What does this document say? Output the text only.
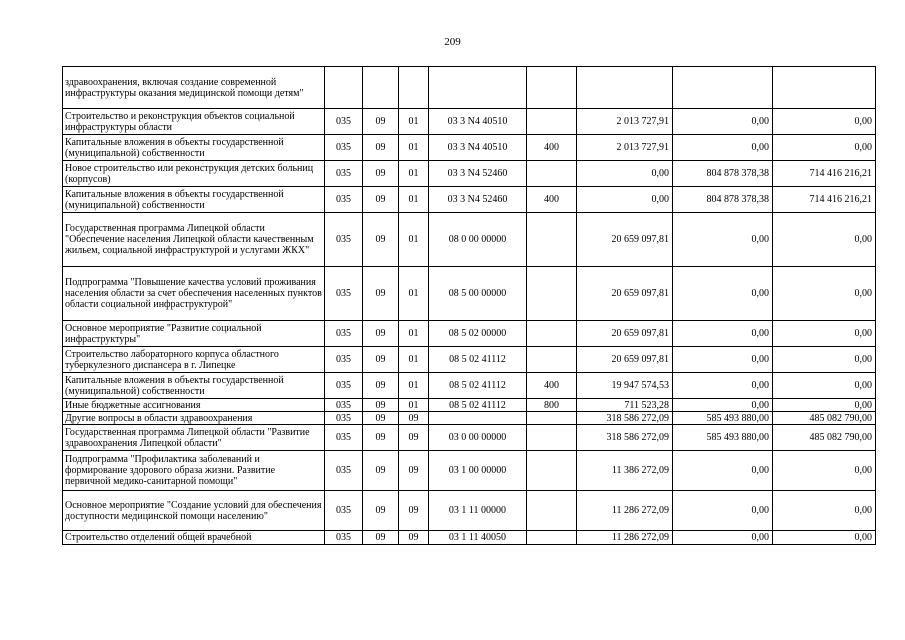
209
здравоохранения, включая создание современной инфраструктуры оказания медицинской помощи детям"								
Строительство и реконструкция объектов социальной инфраструктуры области	035	09	01	03 3 N4 40510		2 013 727,91	0,00	0,00
Капитальные вложения в объекты государственной (муниципальной) собственности	035	09	01	03 3 N4 40510	400	2 013 727,91	0,00	0,00
Новое строительство или реконструкция детских больниц (корпусов)	035	09	01	03 3 N4 52460		0,00	804 878 378,38	714 416 216,21
Капитальные вложения в объекты государственной (муниципальной) собственности	035	09	01	03 3 N4 52460	400	0,00	804 878 378,38	714 416 216,21
Государственная программа Липецкой области "Обеспечение населения Липецкой области качественным жильем, социальной инфраструктурой и услугами ЖКХ"	035	09	01	08 0 00 00000		20 659 097,81	0,00	0,00
Подпрограмма "Повышение качества условий проживания населения области за счет обеспечения населенных пунктов области социальной инфраструктурой"	035	09	01	08 5 00 00000		20 659 097,81	0,00	0,00
Основное мероприятие "Развитие социальной инфраструктуры"	035	09	01	08 5 02 00000		20 659 097,81	0,00	0,00
Строительство лабораторного корпуса областного туберкулезного диспансера в г. Липецке	035	09	01	08 5 02 41112		20 659 097,81	0,00	0,00
Капитальные вложения в объекты государственной (муниципальной) собственности	035	09	01	08 5 02 41112	400	19 947 574,53	0,00	0,00
Иные бюджетные ассигнования	035	09	01	08 5 02 41112	800	711 523,28	0,00	0,00
Другие вопросы в области здравоохранения	035	09	09			318 586 272,09	585 493 880,00	485 082 790,00
Государственная программа Липецкой области "Развитие здравоохранения Липецкой области"	035	09	09	03 0 00 00000		318 586 272,09	585 493 880,00	485 082 790,00
Подпрограмма "Профилактика заболеваний и формирование здорового образа жизни. Развитие первичной медико-санитарной помощи"	035	09	09	03 1 00 00000		11 386 272,09	0,00	0,00
Основное мероприятие "Создание условий для обеспечения доступности медицинской помощи населению"	035	09	09	03 1 11 00000		11 286 272,09	0,00	0,00
Строительство отделений общей врачебной	035	09	09	03 1 11 40050		11 286 272,09	0,00	0,00
